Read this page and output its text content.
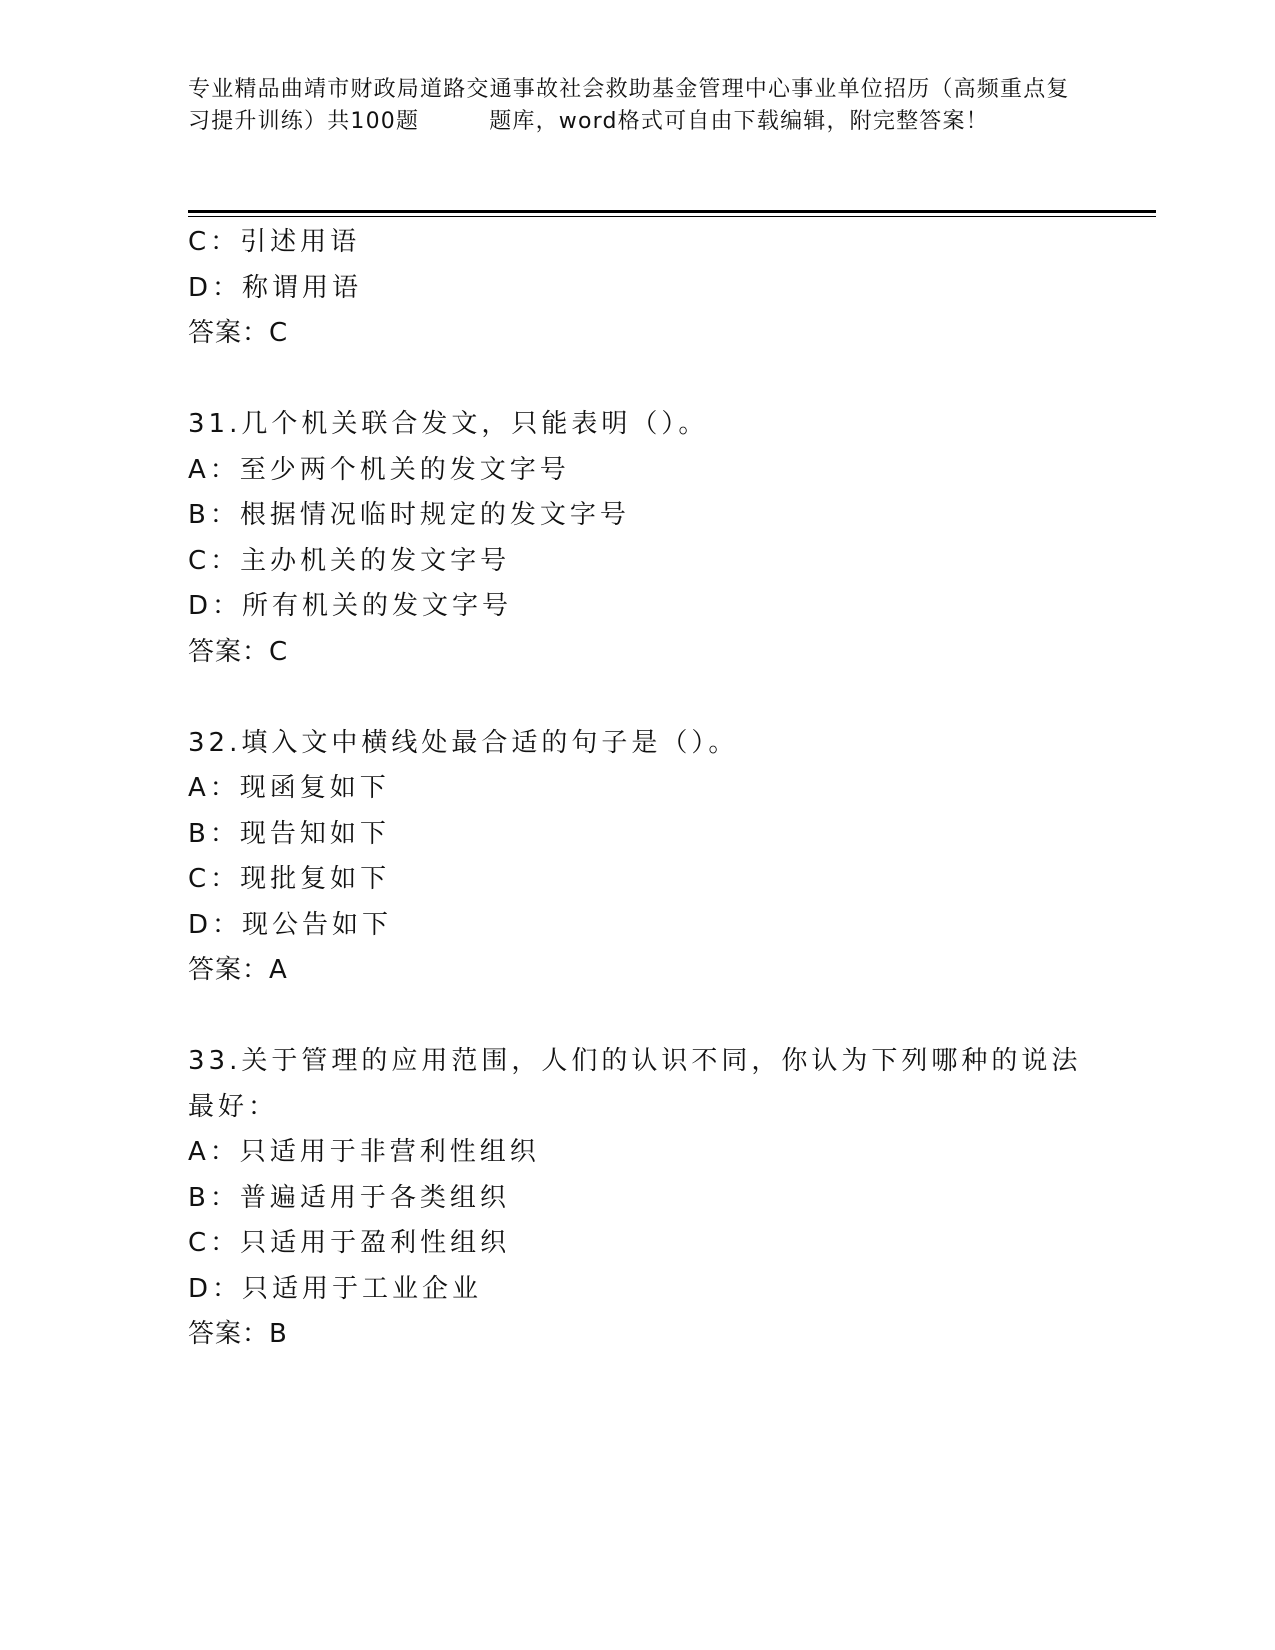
专业精品曲靖市财政局道路交通事故社会救助基金管理中心事业单位招历（高频重点复习提升训练）共100题	题库，word格式可自由下载编辑，附完整答案！
C：引述用语
D：称谓用语
答案：C
31.几个机关联合发文，只能表明（）。
A：至少两个机关的发文字号
B：根据情况临时规定的发文字号
C：主办机关的发文字号
D：所有机关的发文字号
答案：C
32.填入文中横线处最合适的句子是（）。
A：现函复如下
B：现告知如下
C：现批复如下
D：现公告如下
答案：A
33.关于管理的应用范围，人们的认识不同，你认为下列哪种的说法最好：
A：只适用于非营利性组织
B：普遍适用于各类组织
C：只适用于盈利性组织
D：只适用于工业企业
答案：B
